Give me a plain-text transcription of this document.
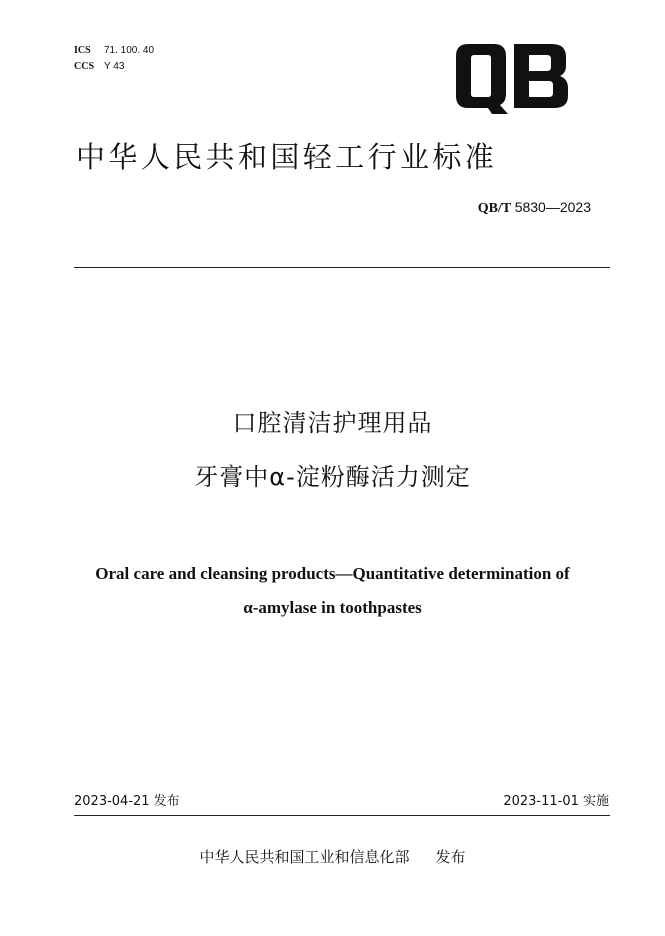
ICS 71. 100. 40
CCS Y 43
中华人民共和国轻工行业标准
QB/T 5830—2023
口腔清洁护理用品
牙膏中α-淀粉酶活力测定
Oral care and cleansing products—Quantitative determination of
α-amylase in toothpastes
2023-04-21 发布	2023-11-01 实施
中华人民共和国工业和信息化部 发布
